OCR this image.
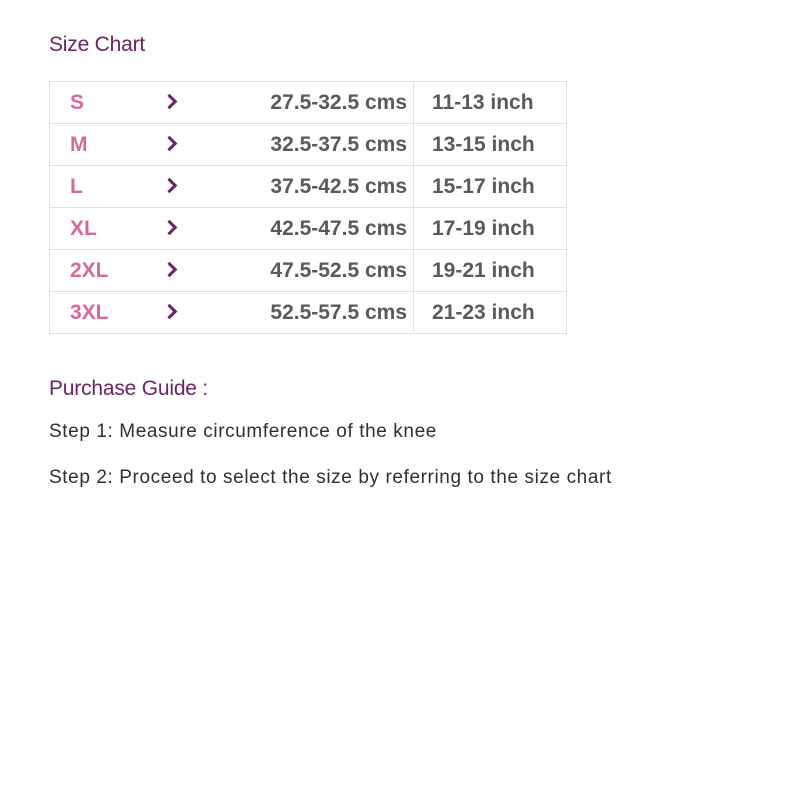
Size Chart
S		27.5-32.5 cms	11-13 inch
M		32.5-37.5 cms	13-15 inch
L		37.5-42.5 cms	15-17 inch
XL		42.5-47.5 cms	17-19 inch
2XL		47.5-52.5 cms	19-21 inch
3XL		52.5-57.5 cms	21-23 inch
Purchase Guide :

Step 1: Measure circumference of the knee

Step 2: Proceed to select the size by referring to the size chart
